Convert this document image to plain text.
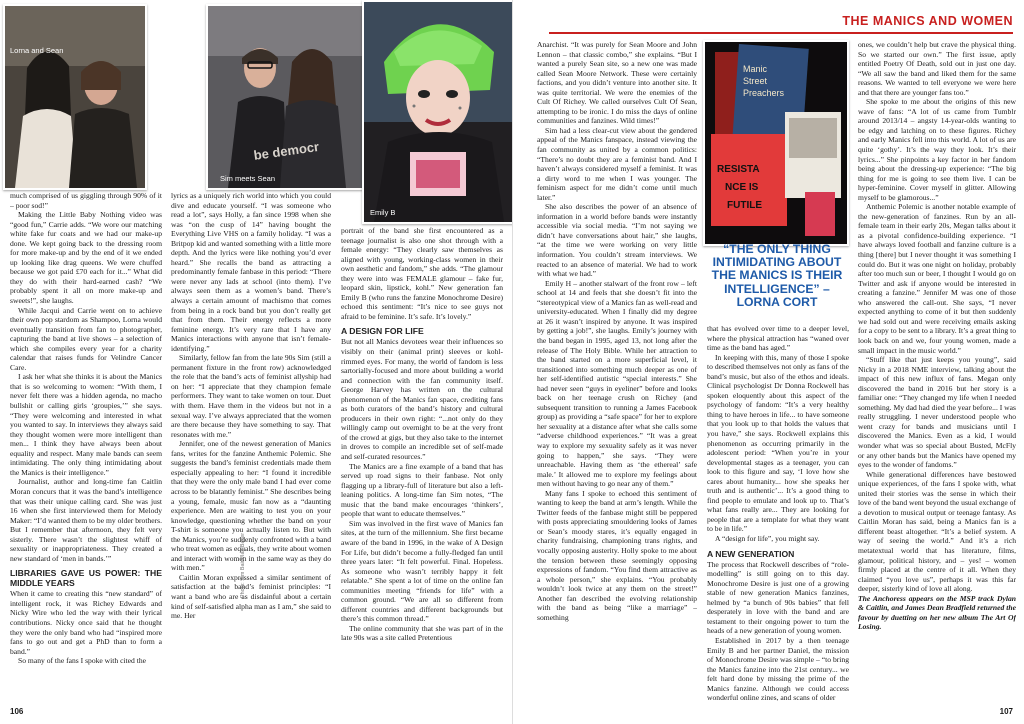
Lorna and Sean
be democr
Sim meets Sean
Emily B

much comprised of us giggling through 90% of it – poor sod!”

Making the Little Baby Nothing video was “good fun,” Carrie adds. “We wore our matching white fake fur coats and we had our make-up done. We kept going back to the dressing room for more make-up and by the end of it we ended up looking like drag queens. We were chuffed because we got paid £70 each for it...” What did they do with their hard-earned cash? “We probably spent it all on more make-up and sweets!”, she laughs.

While Jacqui and Carrie went on to achieve their own pop stardom as Shampoo, Lorna would eventually transition from fan to photographer, capturing the band at live shows – a selection of which she compiles every year for a charity calendar that raises funds for Velindre Cancer Care.

I ask her what she thinks it is about the Manics that is so welcoming to women: “With them, I never felt there was a hidden agenda, no macho bullshit or calling girls ‘groupies,’” she says. “They were welcoming and interested in what you wanted to say. In interviews they always said they thought women were more intelligent than men... I think they have always been about equality and respect. Many male bands can seem intimidating. The only thing intimidating about the Manics is their intelligence.”

Journalist, author and long-time fan Caitlin Moran concurs that it was the band’s intelligence that was their unique calling card. She was just 16 when she first interviewed them for Melody Maker: “I’d wanted them to be my older brothers. But I remember that afternoon, they felt very sisterly. There wasn’t the slightest whiff of sexuality or inappropriateness. They created a new standard of ‘men in bands.’”

LIBRARIES GAVE US POWER: THE MIDDLE YEARS

When it came to creating this “new standard” of intelligent rock, it was Richey Edwards and Nicky Wire who led the way with their lyrical contributions. Nicky once said that he thought they were the only band who had “inspired more fans to go out and get a PhD than to form a band.”

So many of the fans I spoke with cited the

lyrics as a uniquely rich world into which you could dive and educate yourself. “I was someone who read a lot”, says Holly, a fan since 1998 when she was “on the cusp of 14” having bought the Everything Live VHS on a family holiday. “I was a Britpop kid and wanted something with a little more depth. And the lyrics were like nothing you’d ever heard.” She recalls the band as attracting a predominantly female fanbase in this period: “There were never any lads at school (into them). I’ve always seen them as a women’s band. There’s always a certain amount of machismo that comes from being in a rock band but you don’t really get that from them. Their energy reflects a more feminine energy. It’s very rare that I have any Manics interactions with anyone that isn’t female-identifying.”

Similarly, fellow fan from the late 90s Sim (still a permanent fixture in the front row) acknowledged the role that the band’s acts of feminist allyship had on her: “I appreciate that they champion female performers. They want to take women on tour. Duet with them. Have them in the videos but not in a sexual way. I’ve always appreciated that the women are there because they have something to say. That resonates with me.”

Jennifer, one of the newest generation of Manics fans, writes for the fanzine Anthemic Polemic. She suggests the band’s feminist credentials made them especially appealing to her: “I found it incredible that they were the only male band I had ever come across to be blatantly feminist.” She describes being a young, female, music fan now as a “daunting experience. Men are waiting to test you on your knowledge, questioning whether the band on your T-shirt is someone you actually listen to. But with the Manics, you’re suddenly confronted with a band who treat women as equals, they write about women and interact with women in the same way as they do with men.”

Caitlin Moran expressed a similar sentiment of satisfaction at the band’s feminist principles: “I want a band who are as disdainful about a certain kind of self-satisfied alpha man as I am,” she said to me. Her

portrait of the band she first encountered as a teenage journalist is also one shot through with a female energy: “They clearly saw themselves as aligned with young, working-class women in their own aesthetic and fandom,” she adds. “The glamour they were into was FEMALE glamour – fake fur, leopard skin, lipstick, kohl.” New generation fan Emily B (who runs the fanzine Monochrome Desire) echoed this sentiment: “It’s nice to see guys not afraid to be feminine. It’s safe. It’s lovely.”

A DESIGN FOR LIFE

But not all Manics devotees wear their influences so visibly on their (animal print) sleeves or kohl-rimmed eyes. For many, the world of fandom is less sartorially-focused and more about building a world and connection with the fan community itself. George Harvey has written on the cultural phenomenon of the Manics fan space, crediting fans as both curators of the band’s history and cultural producers in their own right: “...not only do they willingly camp out overnight to be at the very front of the crowd at gigs, but they also take to the internet in droves to compile an incredible set of self-made and self-curated resources.”

The Manics are a fine example of a band that has served up road signs to their fanbase. Not only flagging up a library-full of literature but also a left-leaning politics. A long-time fan Sim notes, “The music that the band make encourages ‘thinkers’, people that want to educate themselves.”

Sim was involved in the first wave of Manics fan sites, at the turn of the millennium. She first became aware of the band in 1996, in the wake of A Design For Life, but didn’t become a fully-fledged fan until three years later: “It felt powerful. Final. Hopeless. As someone who wasn’t terribly happy it felt relatable.” She spent a lot of time on the online fan communities meeting “friends for life” with a common ground. “We are all so different from different countries and different backgrounds but there’s this common thread.”

The online community that she was part of in the late 90s was a site called Pretentious

106
THE MANICS AND WOMEN
Manic
Street
Preachers
RESISTA
NCE IS
FUTILE

Anarchist. “It was purely for Sean Moore and John Lennon – that classic combo,” she explains. “But I wanted a purely Sean site, so a new one was made called Sean Moore Network. These were certainly factions, and you didn’t venture into another site. It was quite territorial. We were the enemies of the Cult Of Richey. We called ourselves Cult Of Sean, attempting to be ironic. I do miss the days of online communities and fanzines. Wild times!”

Sim had a less clear-cut view about the gendered appeal of the Manics fanspace, instead viewing the fan community as united by a common politics: “There’s no doubt they are a feminist band. And I haven’t always considered myself a feminist. It was a dirty word to me when I was younger. The feminism aspect for me didn’t come until much later.”

She also describes the power of an absence of information in a world before bands were instantly accessible via social media. “I’m not saying we didn’t have conversations about hair,” she laughs, “at the time we were working on very little information. You couldn’t stream interviews. We reacted to an absence of material. We had to work with what we had.”

Emily H – another stalwart of the front row – left school at 14 and feels that she doesn’t fit into the “stereotypical view of a Manics fan as well-read and university-educated. When I finally did my degree at 26 it wasn’t inspired by anyone. It was inspired by getting a job!”, she laughs. Emily’s journey with the band began in 1995, aged 13, not long after the release of The Holy Bible. While her attraction to the band started on a more superficial level, it transitioned into something much deeper as one of her self-identified autistic “special interests.” She had never seen “guys in eyeliner” before and looks back on her teenage crush on Richey (and subsequent transition to running a James Facebook group) as providing a “safe space” for her to explore her sexuality at a distance after what she calls some “adverse childhood experiences.” “It was a great way to explore my sexuality safely as it was never going to happen,” she says. “They were unreachable. Having them as ‘the ethereal’ safe male.’ It allowed me to explore my feelings about men without having to go near any of them.”

Many fans I spoke to echoed this sentiment of wanting to keep the band at arm’s length. While the Twitter feeds of the fanbase might still be peppered with posts appreciating smouldering looks of James or Sean’s moody stares, it’s equally engaged in charity fundraising, championing trans rights, and vocally opposing austerity. Holly spoke to me about the tension between these seemingly opposing expressions of fandom. “You find them attractive as a whole person,” she explains. “You probably wouldn’t look twice at any them on the street!” Another fan described the evolving relationship with the band as being “like a marriage” – something

“THE ONLY THING INTIMIDATING ABOUT THE MANICS IS THEIR INTELLIGENCE” – LORNA CORT

that has evolved over time to a deeper level, where the physical attraction has “waned over time as the band has aged.”

In keeping with this, many of those I spoke to described themselves not only as fans of the band’s music, but also of the ethos and ideals. Clinical psychologist Dr Donna Rockwell has spoken eloquently about this aspect of the psychology of fandom: “It’s a very healthy thing to have heroes in life... to have someone that you look up to that holds the values that you have,” she says. Rockwell explains this phenomenon as occurring primarily in the adolescent period: “When you’re in your developmental stages as a teenager, you can look to this figure and say, ‘I love how she cares about humanity... how she speaks her truth and is authentic’... It’s a good thing to find people to emulate and look up to. That’s what fans really are... They are looking for people that are a template for what they want to be in life.”

A “design for life”, you might say.

A NEW GENERATION

The process that Rockwell describes of “role-modelling” is still going on to this day. Monochrome Desire is just one of a growing stable of new generation Manics fanzines, helmed by “a bunch of 90s babies” that fell desperately in love with the band and are testament to their ongoing power to turn the heads of a new generation of young women.

Established in 2017 by a then teenage Emily B and her partner Daniel, the mission of Monochrome Desire was simple – “to bring the Manics fanzine into the 21st century... we felt hard done by missing the prime of the Manics fanzine. Although we could access wonderful online zines, and scans of older

ones, we couldn’t help but crave the physical thing. So we started our own.” The first issue, aptly entitled Poetry Of Death, sold out in just one day. “We all saw the band and liked them for the same reasons. We wanted to tell everyone we were here and that there are younger fans too.”

She spoke to me about the origins of this new wave of fans: “A lot of us came from Tumblr around 2013/14 – angsty 14-year-olds wanting to be edgy and latching on to these figures. Richey and early Manics fell into this world. A lot of us are quite ‘gothy’. It’s the way they look. It’s their lyrics...” She pinpoints a key factor in her fandom being about the dressing-up experience: “The big thing for me is going to see them live. I can be hyper-feminine. Cover myself in glitter. Allowing myself to be glamorous...”

Anthemic Polemic is another notable example of the new-generation of fanzines. Run by an all-female team in their early 20s, Megan talks about it as a pivotal confidence-building experience. “I have always loved football and fanzine culture is a thing [there] but I never thought it was something I could do. But it was one night on holiday, probably after too much sun or beer, I thought I would go on Twitter and ask if anyone would be interested in creating a fanzine.” Jennifer M was one of those who answered the call-out. She says, “I never expected anything to come of it but then suddenly we had sold out and were receiving emails asking for a copy to be sent to a library. It’s a great thing to look back on and we, four young women, made a small impact in the music world.”

“Stuff like that just keeps you young”, said Nicky in a 2018 NME interview, talking about the impact of this new influx of fans. Megan only discovered the band in 2016 but her story is a familiar one: “They changed my life when I needed something. My dad had died the year before... I was really struggling. I never understood people who went crazy for bands and musicians until I discovered the Manics. Even as a kid, I would wonder what was so special about Busted, McFly or any other bands but the Manics have opened my eyes to the wonder of fandoms.”

While generational differences have bestowed unique experiences, of the fans I spoke with, what united their stories was the sense in which their love of the band went beyond the usual exchange of a devotion to musical output or teenage fantasy. As Caitlin Moran has said, being a Manics fan is a different beast altogether. “It’s a belief system. A way of seeing the world.” And it’s a rich metatextual world that has literature, films, glamour, political history, and – yes! – women firmly placed at the centre of it all. When they claimed “you love us”, perhaps it was this far deeper, sisterly kind of love all along.

The Anchoress appears on the MSP track Dylan & Caitlin, and James Dean Bradfield returned the favour by duetting on her new album The Art Of Losing.

107
Photo: Sim Baird/Ian Baker
